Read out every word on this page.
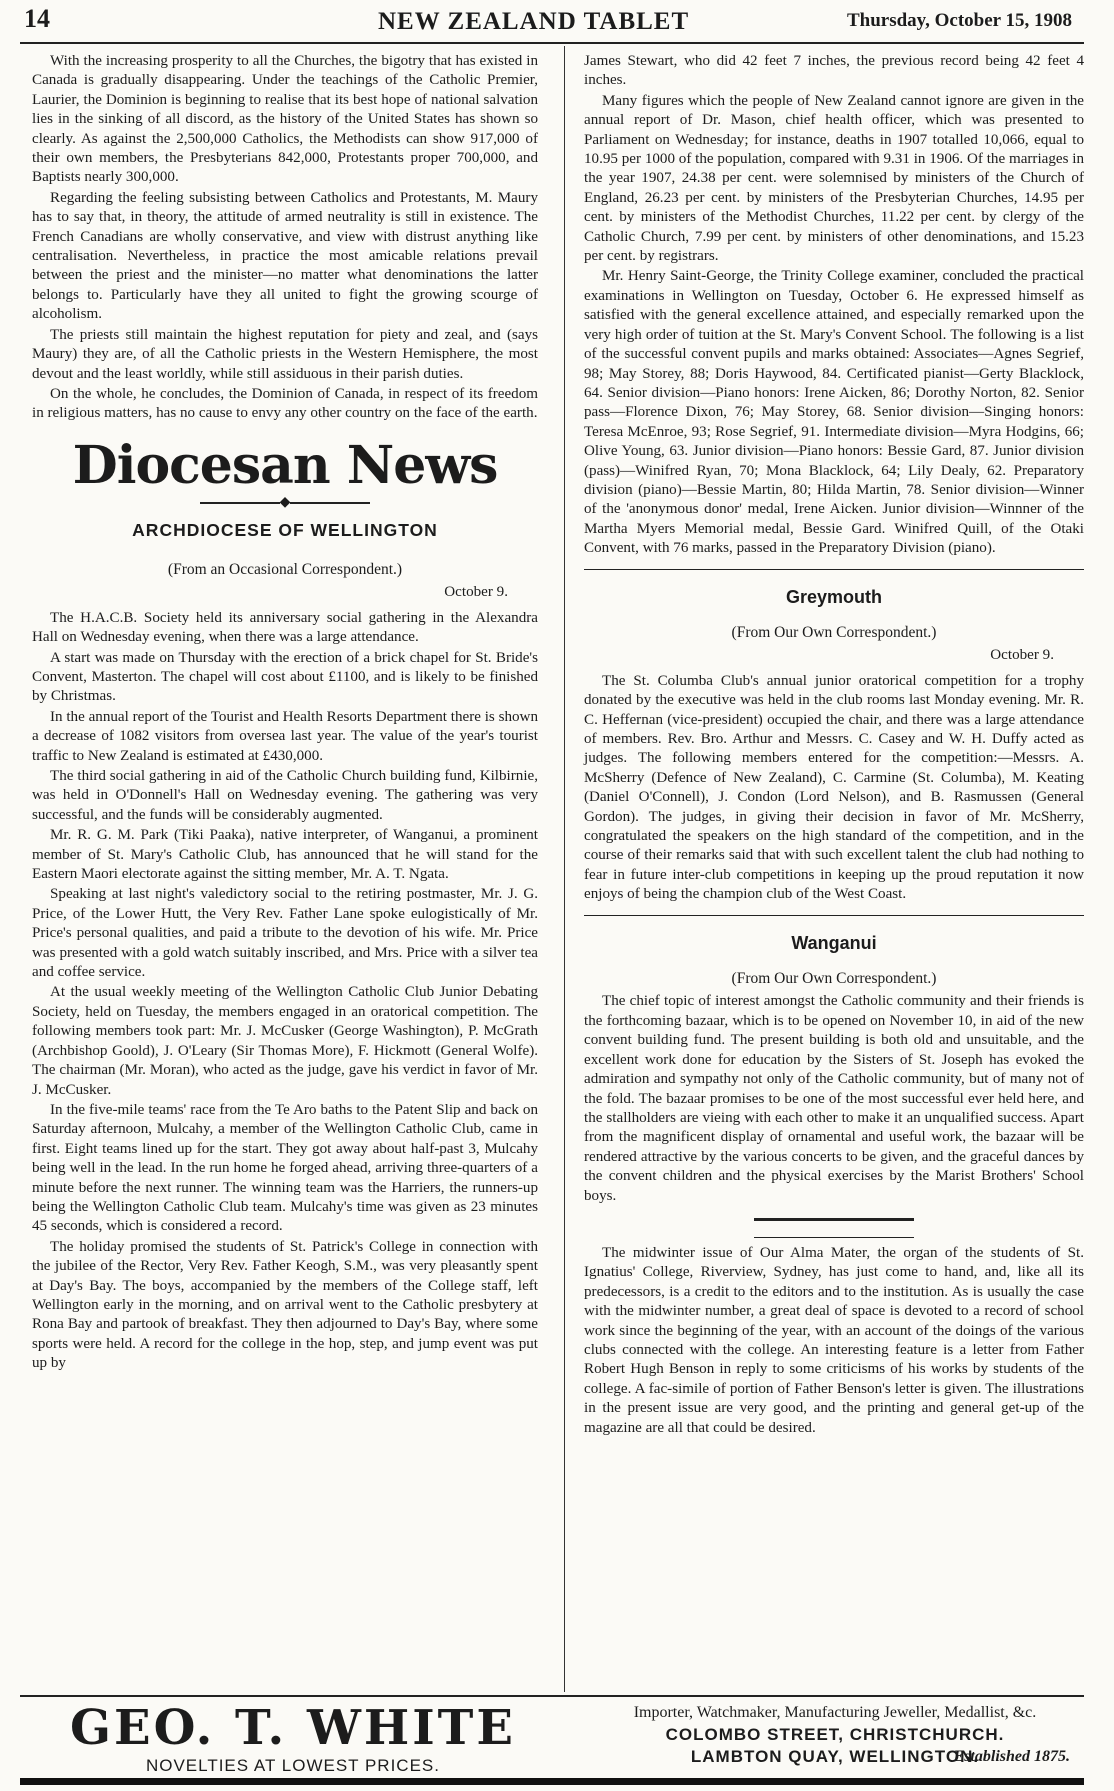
14	NEW ZEALAND TABLET	Thursday, October 15, 1908

With the increasing prosperity to all the Churches, the bigotry that has existed in Canada is gradually disappearing. Under the teachings of the Catholic Premier, Laurier, the Dominion is beginning to realise that its best hope of national salvation lies in the sinking of all discord, as the history of the United States has shown so clearly. As against the 2,500,000 Catholics, the Methodists can show 917,000 of their own members, the Presbyterians 842,000, Protestants proper 700,000, and Baptists nearly 300,000.

Regarding the feeling subsisting between Catholics and Protestants, M. Maury has to say that, in theory, the attitude of armed neutrality is still in existence. The French Canadians are wholly conservative, and view with distrust anything like centralisation. Nevertheless, in practice the most amicable relations prevail between the priest and the minister—no matter what denominations the latter belongs to. Particularly have they all united to fight the growing scourge of alcoholism.

The priests still maintain the highest reputation for piety and zeal, and (says Maury) they are, of all the Catholic priests in the Western Hemisphere, the most devout and the least worldly, while still assiduous in their parish duties.

On the whole, he concludes, the Dominion of Canada, in respect of its freedom in religious matters, has no cause to envy any other country on the face of the earth.

Diocesan News
◆
ARCHDIOCESE OF WELLINGTON
(From an Occasional Correspondent.)
October 9.

The H.A.C.B. Society held its anniversary social gathering in the Alexandra Hall on Wednesday evening, when there was a large attendance.

A start was made on Thursday with the erection of a brick chapel for St. Bride's Convent, Masterton. The chapel will cost about £1100, and is likely to be finished by Christmas.

In the annual report of the Tourist and Health Resorts Department there is shown a decrease of 1082 visitors from oversea last year. The value of the year's tourist traffic to New Zealand is estimated at £430,000.

The third social gathering in aid of the Catholic Church building fund, Kilbirnie, was held in O'Donnell's Hall on Wednesday evening. The gathering was very successful, and the funds will be considerably augmented.

Mr. R. G. M. Park (Tiki Paaka), native interpreter, of Wanganui, a prominent member of St. Mary's Catholic Club, has announced that he will stand for the Eastern Maori electorate against the sitting member, Mr. A. T. Ngata.

Speaking at last night's valedictory social to the retiring postmaster, Mr. J. G. Price, of the Lower Hutt, the Very Rev. Father Lane spoke eulogistically of Mr. Price's personal qualities, and paid a tribute to the devotion of his wife. Mr. Price was presented with a gold watch suitably inscribed, and Mrs. Price with a silver tea and coffee service.

At the usual weekly meeting of the Wellington Catholic Club Junior Debating Society, held on Tuesday, the members engaged in an oratorical competition. The following members took part: Mr. J. McCusker (George Washington), P. McGrath (Archbishop Goold), J. O'Leary (Sir Thomas More), F. Hickmott (General Wolfe). The chairman (Mr. Moran), who acted as the judge, gave his verdict in favor of Mr. J. McCusker.

In the five-mile teams' race from the Te Aro baths to the Patent Slip and back on Saturday afternoon, Mulcahy, a member of the Wellington Catholic Club, came in first. Eight teams lined up for the start. They got away about half-past 3, Mulcahy being well in the lead. In the run home he forged ahead, arriving three-quarters of a minute before the next runner. The winning team was the Harriers, the runners-up being the Wellington Catholic Club team. Mulcahy's time was given as 23 minutes 45 seconds, which is considered a record.

The holiday promised the students of St. Patrick's College in connection with the jubilee of the Rector, Very Rev. Father Keogh, S.M., was very pleasantly spent at Day's Bay. The boys, accompanied by the members of the College staff, left Wellington early in the morning, and on arrival went to the Catholic presbytery at Rona Bay and partook of breakfast. They then adjourned to Day's Bay, where some sports were held. A record for the college in the hop, step, and jump event was put up by

James Stewart, who did 42 feet 7 inches, the previous record being 42 feet 4 inches.

Many figures which the people of New Zealand cannot ignore are given in the annual report of Dr. Mason, chief health officer, which was presented to Parliament on Wednesday; for instance, deaths in 1907 totalled 10,066, equal to 10.95 per 1000 of the population, compared with 9.31 in 1906. Of the marriages in the year 1907, 24.38 per cent. were solemnised by ministers of the Church of England, 26.23 per cent. by ministers of the Presbyterian Churches, 14.95 per cent. by ministers of the Methodist Churches, 11.22 per cent. by clergy of the Catholic Church, 7.99 per cent. by ministers of other denominations, and 15.23 per cent. by registrars.

Mr. Henry Saint-George, the Trinity College examiner, concluded the practical examinations in Wellington on Tuesday, October 6. He expressed himself as satisfied with the general excellence attained, and especially remarked upon the very high order of tuition at the St. Mary's Convent School. The following is a list of the successful convent pupils and marks obtained: Associates—Agnes Segrief, 98; May Storey, 88; Doris Haywood, 84. Certificated pianist—Gerty Blacklock, 64. Senior division—Piano honors: Irene Aicken, 86; Dorothy Norton, 82. Senior pass—Florence Dixon, 76; May Storey, 68. Senior division—Singing honors: Teresa McEnroe, 93; Rose Segrief, 91. Intermediate division—Myra Hodgins, 66; Olive Young, 63. Junior division—Piano honors: Bessie Gard, 87. Junior division (pass)—Winifred Ryan, 70; Mona Blacklock, 64; Lily Dealy, 62. Preparatory division (piano)—Bessie Martin, 80; Hilda Martin, 78. Senior division—Winner of the 'anonymous donor' medal, Irene Aicken. Junior division—Winnner of the Martha Myers Memorial medal, Bessie Gard. Winifred Quill, of the Otaki Convent, with 76 marks, passed in the Preparatory Division (piano).

Greymouth
(From Our Own Correspondent.)
October 9.

The St. Columba Club's annual junior oratorical competition for a trophy donated by the executive was held in the club rooms last Monday evening. Mr. R. C. Heffernan (vice-president) occupied the chair, and there was a large attendance of members. Rev. Bro. Arthur and Messrs. C. Casey and W. H. Duffy acted as judges. The following members entered for the competition:—Messrs. A. McSherry (Defence of New Zealand), C. Carmine (St. Columba), M. Keating (Daniel O'Connell), J. Condon (Lord Nelson), and B. Rasmussen (General Gordon). The judges, in giving their decision in favor of Mr. McSherry, congratulated the speakers on the high standard of the competition, and in the course of their remarks said that with such excellent talent the club had nothing to fear in future inter-club competitions in keeping up the proud reputation it now enjoys of being the champion club of the West Coast.

Wanganui
(From Our Own Correspondent.)

The chief topic of interest amongst the Catholic community and their friends is the forthcoming bazaar, which is to be opened on November 10, in aid of the new convent building fund. The present building is both old and unsuitable, and the excellent work done for education by the Sisters of St. Joseph has evoked the admiration and sympathy not only of the Catholic community, but of many not of the fold. The bazaar promises to be one of the most successful ever held here, and the stallholders are vieing with each other to make it an unqualified success. Apart from the magnificent display of ornamental and useful work, the bazaar will be rendered attractive by the various concerts to be given, and the graceful dances by the convent children and the physical exercises by the Marist Brothers' School boys.

The midwinter issue of Our Alma Mater, the organ of the students of St. Ignatius' College, Riverview, Sydney, has just come to hand, and, like all its predecessors, is a credit to the editors and to the institution. As is usually the case with the midwinter number, a great deal of space is devoted to a record of school work since the beginning of the year, with an account of the doings of the various clubs connected with the college. An interesting feature is a letter from Father Robert Hugh Benson in reply to some criticisms of his works by students of the college. A fac-simile of portion of Father Benson's letter is given. The illustrations in the present issue are very good, and the printing and general get-up of the magazine are all that could be desired.

GEO. T. WHITE
NOVELTIES AT LOWEST PRICES.
Importer, Watchmaker, Manufacturing Jeweller, Medallist, &c.
COLOMBO STREET, CHRISTCHURCH.
LAMBTON QUAY, WELLINGTON.
Established 1875.
